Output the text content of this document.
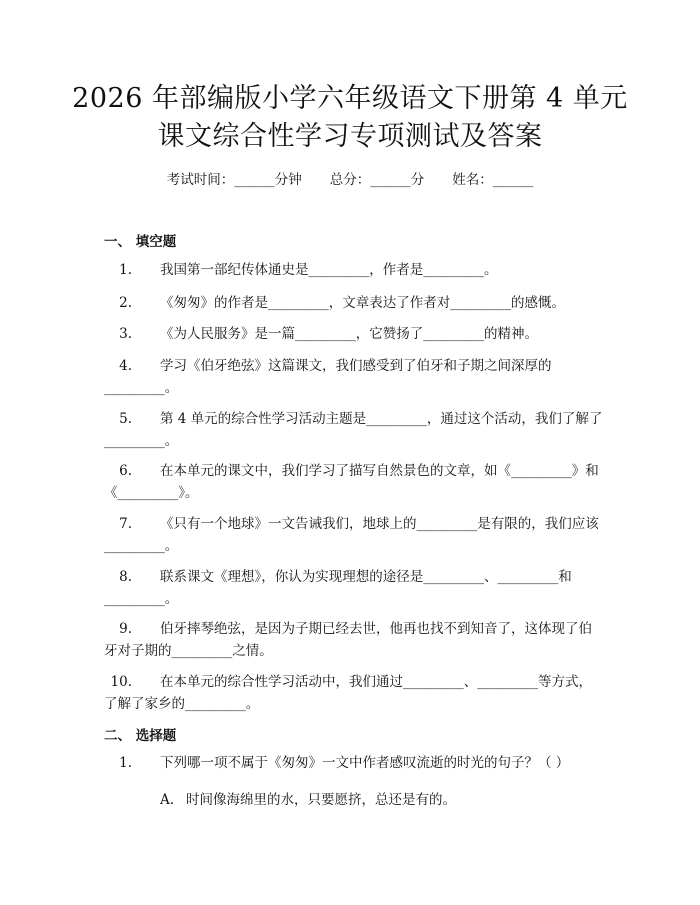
2026 年部编版小学六年级语文下册第 4 单元
课文综合性学习专项测试及答案
考试时间：______分钟 总分：______分 姓名：______
一、 填空题
1. 我国第一部纪传体通史是_________，作者是_________。
2. 《匆匆》的作者是_________，文章表达了作者对_________的感慨。
3. 《为人民服务》是一篇_________，它赞扬了_________的精神。
4. 学习《伯牙绝弦》这篇课文，我们感受到了伯牙和子期之间深厚的_________。
5. 第 4 单元的综合性学习活动主题是_________，通过这个活动，我们了解了_________。
6. 在本单元的课文中，我们学习了描写自然景色的文章，如《_________》和《_________》。
7. 《只有一个地球》一文告诫我们，地球上的_________是有限的，我们应该_________。
8. 联系课文《理想》，你认为实现理想的途径是_________、_________和_________。
9. 伯牙摔琴绝弦，是因为子期已经去世，他再也找不到知音了，这体现了伯牙对子期的_________之情。
10. 在本单元的综合性学习活动中，我们通过_________、_________等方式，了解了家乡的_________。
二、 选择题
1. 下列哪一项不属于《匆匆》一文中作者感叹流逝的时光的句子？（ ）
A. 时间像海绵里的水，只要愿挤，总还是有的。
